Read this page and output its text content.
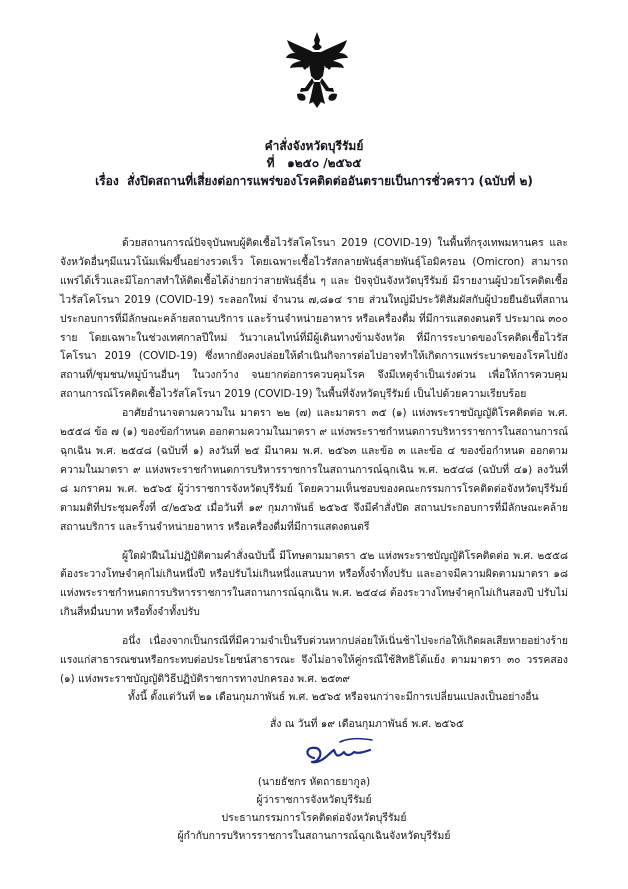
คำสั่งจังหวัดบุรีรัมย์
ที่ ๑๒๕๐ /๒๕๖๕
เรื่อง สั่งปิดสถานที่เสี่ยงต่อการแพร่ของโรคติดต่ออันตรายเป็นการชั่วคราว (ฉบับที่ ๒)

ด้วยสถานการณ์ปัจจุบันพบผู้ติดเชื้อไวรัสโคโรนา 2019 (COVID-19) ในพื้นที่กรุงเทพมหานคร และจังหวัดอื่นๆมีแนวโน้มเพิ่มขึ้นอย่างรวดเร็ว โดยเฉพาะเชื้อไวรัสกลายพันธุ์สายพันธุ์โอมิครอน (Omicron) สามารถแพร่ได้เร็วและมีโอกาสทำให้ติดเชื้อได้ง่ายกว่าสายพันธุ์อื่น ๆ และ ปัจจุบันจังหวัดบุรีรัมย์ มีรายงานผู้ป่วยโรคติดเชื้อไวรัสโคโรนา 2019 (COVID-19) ระลอกใหม่ จำนวน ๗,๘๑๔ ราย ส่วนใหญ่มีประวัติสัมผัสกับผู้ป่วยยืนยันที่สถานประกอบการที่มีลักษณะคล้ายสถานบริการ และร้านจำหน่ายอาหาร หรือเครื่องดื่ม ที่มีการแสดงดนตรี ประมาณ ๓๐๐ ราย โดยเฉพาะในช่วงเทศกาลปีใหม่ วันวาเลนไทน์ที่มีผู้เดินทางข้ามจังหวัด ที่มีการระบาดของโรคติดเชื้อไวรัสโคโรนา 2019 (COVID-19) ซึ่งหากยังคงปล่อยให้ดำเนินกิจการต่อไปอาจทำให้เกิดการแพร่ระบาดของโรคไปยังสถานที่/ชุมชน/หมู่บ้านอื่นๆ ในวงกว้าง จนยากต่อการควบคุมโรค จึงมีเหตุจำเป็นเร่งด่วน เพื่อให้การควบคุมสถานการณ์โรคติดเชื้อไวรัสโคโรนา 2019 (COVID-19) ในพื้นที่จังหวัดบุรีรัมย์ เป็นไปด้วยความเรียบร้อย

อาศัยอำนาจตามความใน มาตรา ๒๒ (๗) และมาตรา ๓๕ (๑) แห่งพระราชบัญญัติโรคติดต่อ พ.ศ. ๒๕๕๘ ข้อ ๗ (๑) ของข้อกำหนด ออกตามความในมาตรา ๙ แห่งพระราชกำหนดการบริหารราชการในสถานการณ์ฉุกเฉิน พ.ศ. ๒๕๔๘ (ฉบับที่ ๑) ลงวันที่ ๒๕ มีนาคม พ.ศ. ๒๕๖๓ และข้อ ๓ และข้อ ๔ ของข้อกำหนด ออกตามความในมาตรา ๙ แห่งพระราชกำหนดการบริหารราชการในสถานการณ์ฉุกเฉิน พ.ศ. ๒๕๔๘ (ฉบับที่ ๔๑) ลงวันที่ ๘ มกราคม พ.ศ. ๒๕๖๕ ผู้ว่าราชการจังหวัดบุรีรัมย์ โดยความเห็นชอบของคณะกรรมการโรคติดต่อจังหวัดบุรีรัมย์ ตามมติที่ประชุมครั้งที่ ๔/๒๕๖๕ เมื่อวันที่ ๑๙ กุมภาพันธ์ ๒๕๖๕ จึงมีคำสั่งปิด สถานประกอบการที่มีลักษณะคล้ายสถานบริการ และร้านจำหน่ายอาหาร หรือเครื่องดื่มที่มีการแสดงดนตรี

ผู้ใดฝ่าฝืนไม่ปฏิบัติตามคำสั่งฉบับนี้ มีโทษตามมาตรา ๕๒ แห่งพระราชบัญญัติโรคติดต่อ พ.ศ. ๒๕๕๘ ต้องระวางโทษจำคุกไม่เกินหนึ่งปี หรือปรับไม่เกินหนึ่งแสนบาท หรือทั้งจำทั้งปรับ และอาจมีความผิดตามมาตรา ๑๘ แห่งพระราชกำหนดการบริหารราชการในสถานการณ์ฉุกเฉิน พ.ศ. ๒๕๔๘ ต้องระวางโทษจำคุกไม่เกินสองปี ปรับไม่เกินสี่หมื่นบาท หรือทั้งจำทั้งปรับ

อนึ่ง เนื่องจากเป็นกรณีที่มีความจำเป็นรีบด่วนหากปล่อยให้เนิ่นช้าไปจะก่อให้เกิดผลเสียหายอย่างร้ายแรงแก่สาธารณชนหรือกระทบต่อประโยชน์สาธารณะ จึงไม่อาจให้คู่กรณีใช้สิทธิโต้แย้ง ตามมาตรา ๓๐ วรรคสอง (๑) แห่งพระราชบัญญัติวิธีปฏิบัติราชการทางปกครอง พ.ศ. ๒๕๓๙

ทั้งนี้ ตั้งแต่วันที่ ๒๑ เดือนกุมภาพันธ์ พ.ศ. ๒๕๖๕ หรือจนกว่าจะมีการเปลี่ยนแปลงเป็นอย่างอื่น
สั่ง ณ วันที่ ๑๙ เดือนกุมภาพันธ์ พ.ศ. ๒๕๖๕
(นายธัชกร หัตถาธยากูล)
ผู้ว่าราชการจังหวัดบุรีรัมย์
ประธานกรรมการโรคติดต่อจังหวัดบุรีรัมย์
ผู้กำกับการบริหารราชการในสถานการณ์ฉุกเฉินจังหวัดบุรีรัมย์
